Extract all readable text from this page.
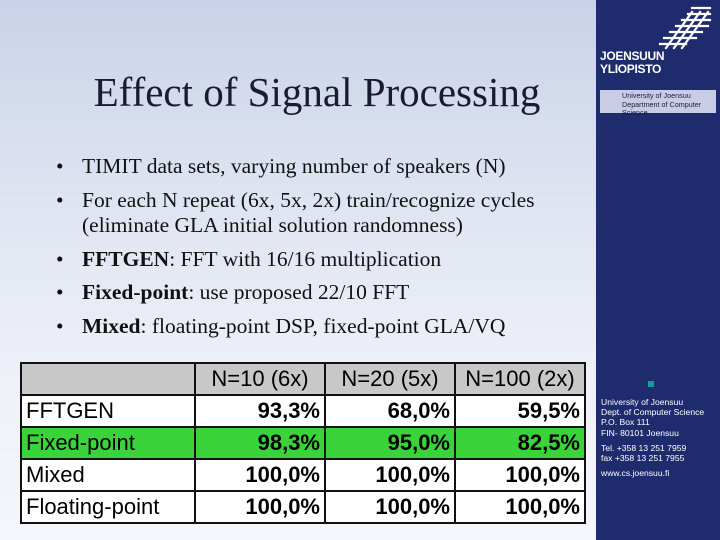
Effect of Signal Processing
• TIMIT data sets, varying number of speakers (N)
• For each N repeat (6x, 5x, 2x) train/recognize cycles (eliminate GLA initial solution randomness)
• FFTGEN: FFT with 16/16 multiplication
• Fixed-point: use proposed 22/10 FFT
• Mixed: floating-point DSP, fixed-point GLA/VQ
	N=10 (6x)	N=20 (5x)	N=100 (2x)
FFTGEN	93,3%	68,0%	59,5%
Fixed-point	98,3%	95,0%	82,5%
Mixed	100,0%	100,0%	100,0%
Floating-point	100,0%	100,0%	100,0%
JOENSUUN
YLIOPISTO
University of Joensuu
Department of Computer Science
University of Joensuu
Dept. of Computer Science
P.O. Box 111
FIN- 80101 Joensuu
Tel. +358 13 251 7959
fax +358 13 251 7955
www.cs.joensuu.fi
